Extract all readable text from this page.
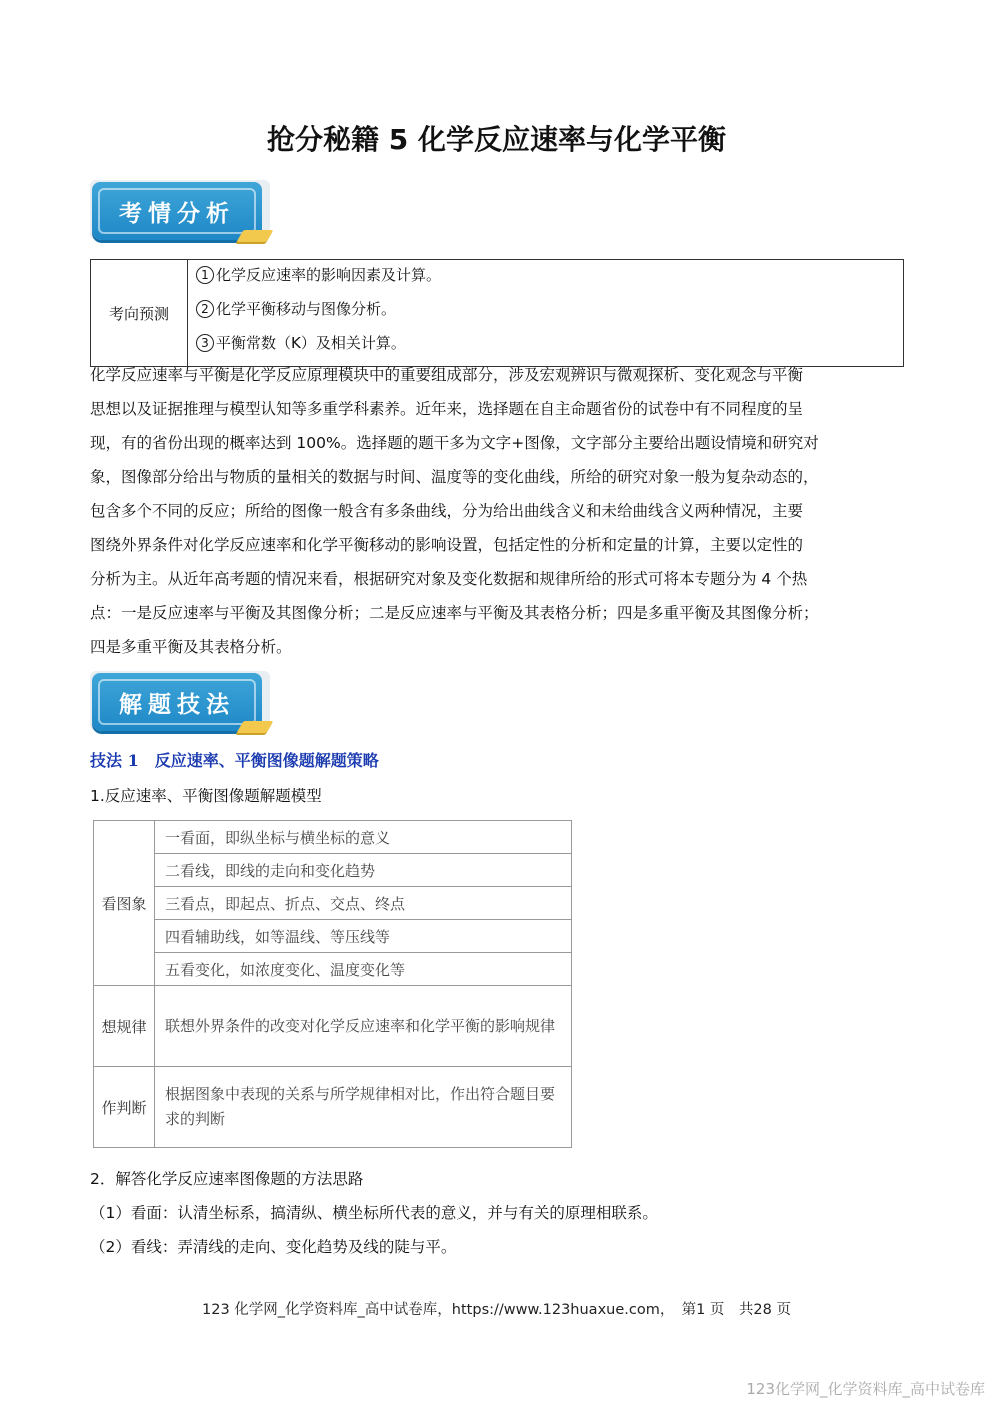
抢分秘籍 5 化学反应速率与化学平衡
考情分析
考向预测	
1 化学反应速率的影响因素及计算。
2 化学平衡移动与图像分析。
3 平衡常数（K）及相关计算。
化学反应速率与平衡是化学反应原理模块中的重要组成部分，涉及宏观辨识与微观探析、变化观念与平衡
思想以及证据推理与模型认知等多重学科素养。近年来，选择题在自主命题省份的试卷中有不同程度的呈
现，有的省份出现的概率达到 100%。选择题的题干多为文字+图像，文字部分主要给出题设情境和研究对
象，图像部分给出与物质的量相关的数据与时间、温度等的变化曲线，所给的研究对象一般为复杂动态的，
包含多个不同的反应；所给的图像一般含有多条曲线，分为给出曲线含义和未给曲线含义两种情况，主要
图绕外界条件对化学反应速率和化学平衡移动的影响设置，包括定性的分析和定量的计算，主要以定性的
分析为主。从近年高考题的情况来看，根据研究对象及变化数据和规律所给的形式可将本专题分为 4 个热
点：一是反应速率与平衡及其图像分析；二是反应速率与平衡及其表格分析；四是多重平衡及其图像分析；
四是多重平衡及其表格分析。
解题技法
技法 1　反应速率、平衡图像题解题策略
1.反应速率、平衡图像题解题模型
看图象	一看面，即纵坐标与横坐标的意义
	二看线，即线的走向和变化趋势
	三看点，即起点、折点、交点、终点
	四看辅助线，如等温线、等压线等
	五看变化，如浓度变化、温度变化等
想规律	联想外界条件的改变对化学反应速率和化学平衡的影响规律
作判断	根据图象中表现的关系与所学规律相对比，作出符合题目要求的判断
2．解答化学反应速率图像题的方法思路
（1）看面：认清坐标系，搞清纵、横坐标所代表的意义，并与有关的原理相联系。
（2）看线：弄清线的走向、变化趋势及线的陡与平。
123 化学网_化学资料库_高中试卷库，https://www.123huaxue.com，　第1 页　共28 页
123化学网_化学资料库_高中试卷库
